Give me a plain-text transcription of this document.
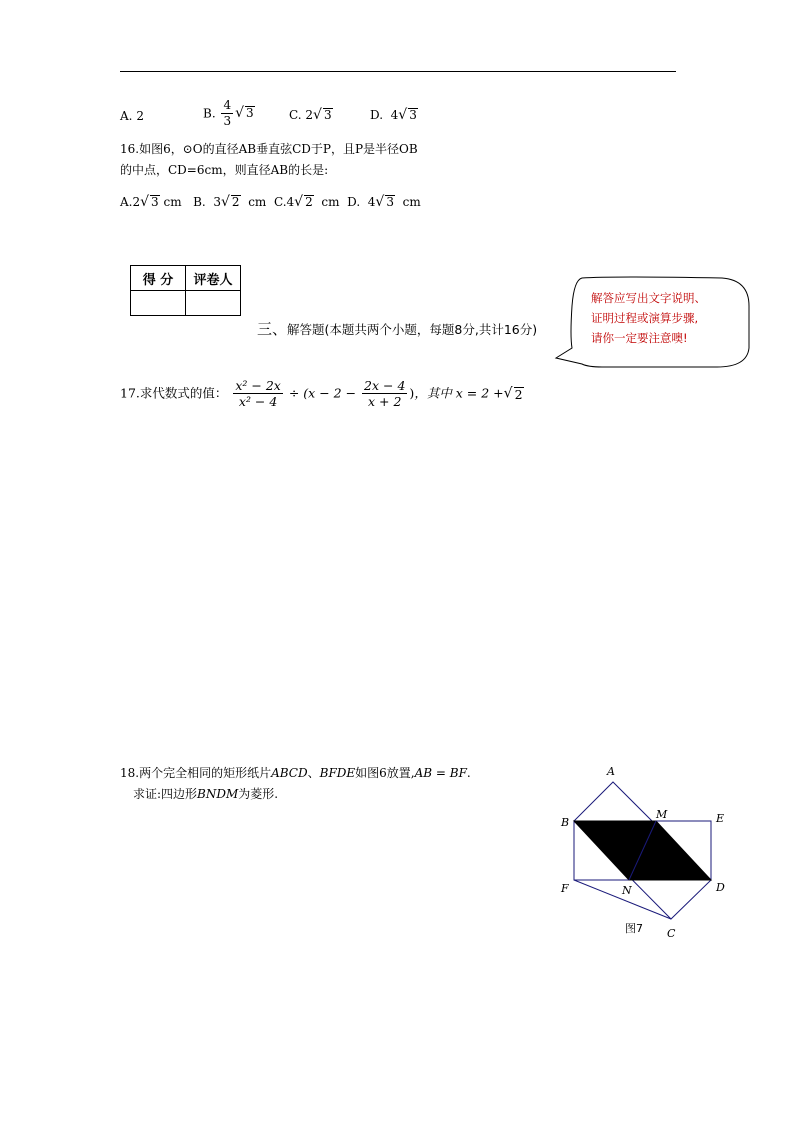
A. 2	B. $\frac{4}{3}$ √ 3	C. 2√ 3	D. 4√ 3
16.如图6，⊙O的直径AB垂直弦CD于P，且P是半径OB
的中点，CD=6cm，则直径AB的长是:
A.2√ 3 cm B. 3√ 2 cm C.4√ 2 cm D. 4√ 3 cm
得 分	评卷人

三、解答题(本题共两个小题，每题8分,共计16分)
解答应写出文字说明、
证明过程或演算步骤,
请你一定要注意噢!
17.求代数式的值： $\frac{\text{x² − 2x}}{\text{x² − 4}} \div (x - 2 - \frac{2x - 4}{x + 2}$ )，其中 x = 2 +√ 2
18.两个完全相同的矩形纸片ABCD、BFDE如图6放置,AB = BF.
求证:四边形BNDM为菱形.
A
B
M	E
F	N	D
C
图7
